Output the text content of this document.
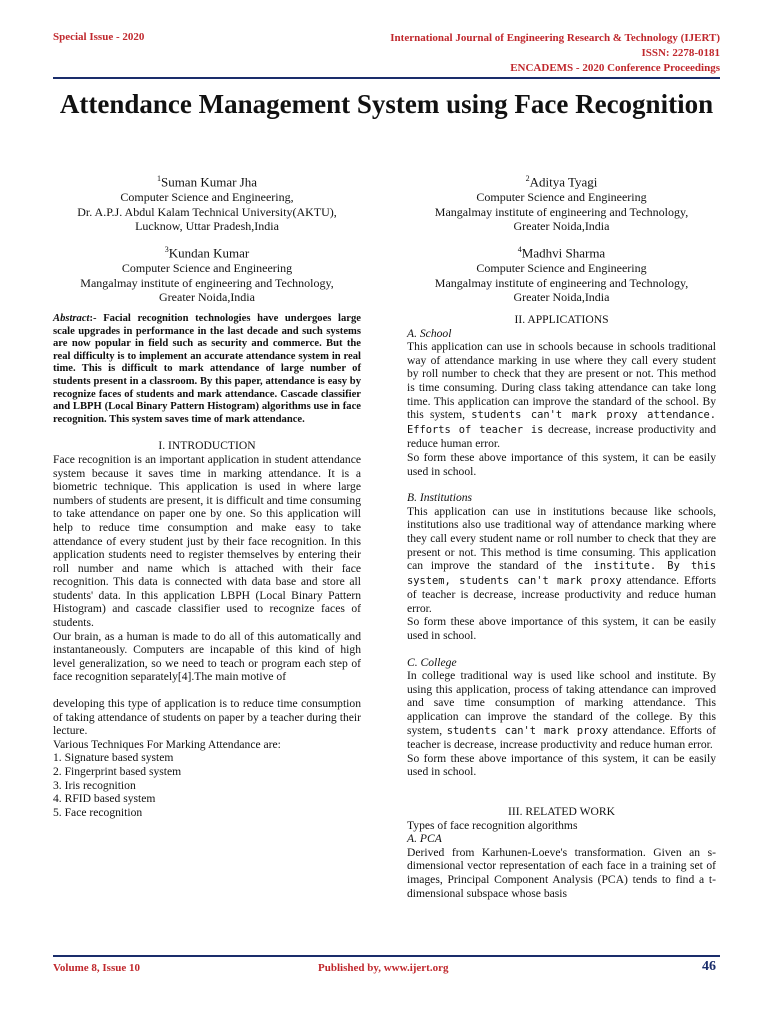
Special Issue - 2020	International Journal of Engineering Research & Technology (IJERT)
ISSN: 2278-0181
ENCADEMS - 2020 Conference Proceedings
Attendance Management System using Face Recognition
$^1$Suman Kumar Jha
Computer Science and Engineering,
Dr. A.P.J. Abdul Kalam Technical University(AKTU),
Lucknow, Uttar Pradesh,India
$^2$Aditya Tyagi
Computer Science and Engineering
Mangalmay institute of engineering and Technology,
Greater Noida,India
$^3$Kundan Kumar
Computer Science and Engineering
Mangalmay institute of engineering and Technology,
Greater Noida,India
$^4$Madhvi Sharma
Computer Science and Engineering
Mangalmay institute of engineering and Technology,
Greater Noida,India

Abstract:- Facial recognition technologies have undergoes large scale upgrades in performance in the last decade and such systems are now popular in field such as security and commerce. But the real difficulty is to implement an accurate attendance system in real time. This is difficult to mark attendance of large number of students present in a classroom. By this paper, attendance is easy by recognize faces of students and mark attendance. Cascade classifier and LBPH (Local Binary Pattern Histogram) algorithms use in face recognition. This system saves time of mark attendance.

I. INTRODUCTION

Face recognition is an important application in student attendance system because it saves time in marking attendance. It is a biometric technique. This application is used in where large numbers of students are present, it is difficult and time consuming to take attendance on paper one by one. So this application will help to reduce time consumption and make easy to take attendance of every student just by their face recognition. In this application students need to register themselves by entering their roll number and name which is attached with their face recognition. This data is connected with data base and store all students' data. In this application LBPH (Local Binary Pattern Histogram) and cascade classifier used to recognize faces of students.

Our brain, as a human is made to do all of this automatically and instantaneously. Computers are incapable of this kind of high level generalization, so we need to teach or program each step of face recognition separately[4].The main motive of

developing this type of application is to reduce time consumption of taking attendance of students on paper by a teacher during their lecture.

Various Techniques For Marking Attendance are:

1. Signature based system
2. Fingerprint based system
3. Iris recognition
4. RFID based system
5. Face recognition

II. APPLICATIONS

A. School

This application can use in schools because in schools traditional way of attendance marking in use where they call every student by roll number to check that they are present or not. This method is time consuming. During class taking attendance can take long time. This application can improve the standard of the school. By this system, students can't mark proxy attendance. Efforts of teacher is decrease, increase productivity and reduce human error.

So form these above importance of this system, it can be easily used in school.

B. Institutions

This application can use in institutions because like schools, institutions also use traditional way of attendance marking where they call every student name or roll number to check that they are present or not. This method is time consuming. This application can improve the standard of the institute. By this system, students can't mark proxy attendance. Efforts of teacher is decrease, increase productivity and reduce human error.

So form these above importance of this system, it can be easily used in school.

C. College

In college traditional way is used like school and institute. By using this application, process of taking attendance can improved and save time consumption of marking attendance. This application can improve the standard of the college. By this system, students can't mark proxy attendance. Efforts of teacher is decrease, increase productivity and reduce human error.

So form these above importance of this system, it can be easily used in school.

III. RELATED WORK

Types of face recognition algorithms

A. PCA

Derived from Karhunen-Loeve's transformation. Given an s-dimensional vector representation of each face in a training set of images, Principal Component Analysis (PCA) tends to find a t-dimensional subspace whose basis

Volume 8, Issue 10	Published by, www.ijert.org	46
